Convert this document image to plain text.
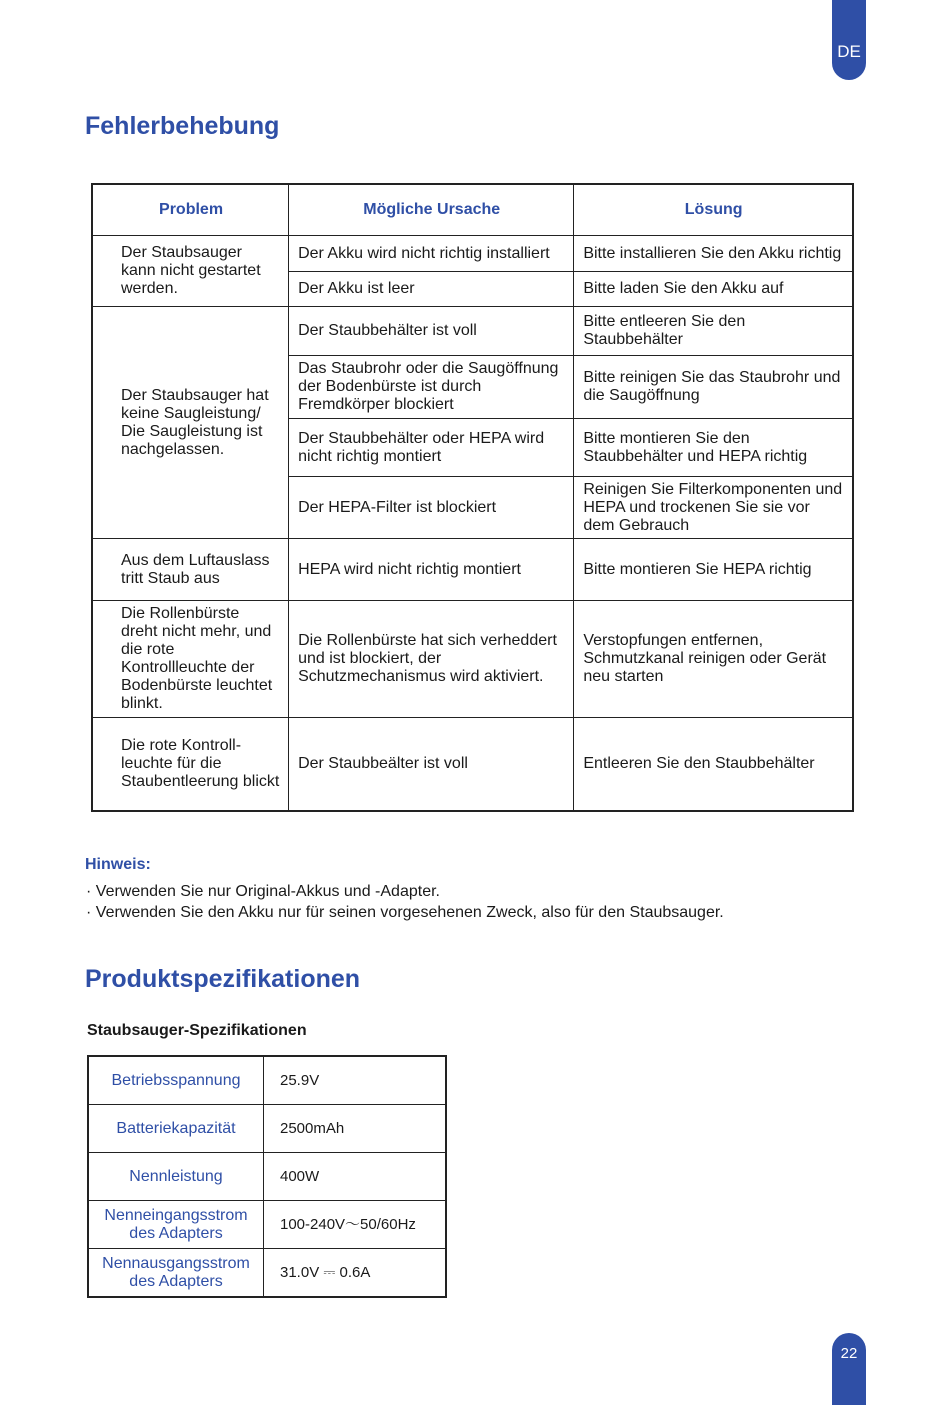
DE
Fehlerbehebung
Problem	Mögliche Ursache	Lösung
Der Staubsauger kann nicht gestartet werden.	Der Akku wird nicht richtig installiert	Bitte installieren Sie den Akku richtig
	Der Akku ist leer	Bitte laden Sie den Akku auf
Der Staubsauger hat keine Saugleistung/ Die Saugleistung ist nachgelassen.	Der Staubbehälter ist voll	Bitte entleeren Sie den Staubbehälter
	Das Staubrohr oder die Saugöffnung der Bodenbürste ist durch Fremdkörper blockiert	Bitte reinigen Sie das Staubrohr und die Saugöffnung
	Der Staubbehälter oder HEPA wird nicht richtig montiert	Bitte montieren Sie den Staubbehälter und HEPA richtig
	Der HEPA-Filter ist blockiert	Reinigen Sie Filterkomponenten und HEPA und trockenen Sie sie vor dem Gebrauch
Aus dem Luftauslass tritt Staub aus	HEPA wird nicht richtig montiert	Bitte montieren Sie HEPA richtig
Die Rollenbürste dreht nicht mehr, und die rote Kontrollleuchte der Bodenbürste leuchtet blinkt.	Die Rollenbürste hat sich verheddert und ist blockiert, der Schutzmechanismus wird aktiviert.	Verstopfungen entfernen, Schmutzkanal reinigen oder Gerät neu starten
Die rote Kontroll-leuchte für die Staubentleerung blickt	Der Staubbeälter ist voll	Entleeren Sie den Staubbehälter
Hinweis:
· Verwenden Sie nur Original-Akkus und -Adapter.
· Verwenden Sie den Akku nur für seinen vorgesehenen Zweck, also für den Staubsauger.
Produktspezifikationen
Staubsauger-Spezifikationen
Betriebsspannung	25.9V
Batteriekapazität	2500mAh
Nennleistung	400W
Nenneingangsstrom des Adapters	100-240V～50/60Hz
Nennausgangsstrom des Adapters	31.0V ⎓ 0.6A
22
